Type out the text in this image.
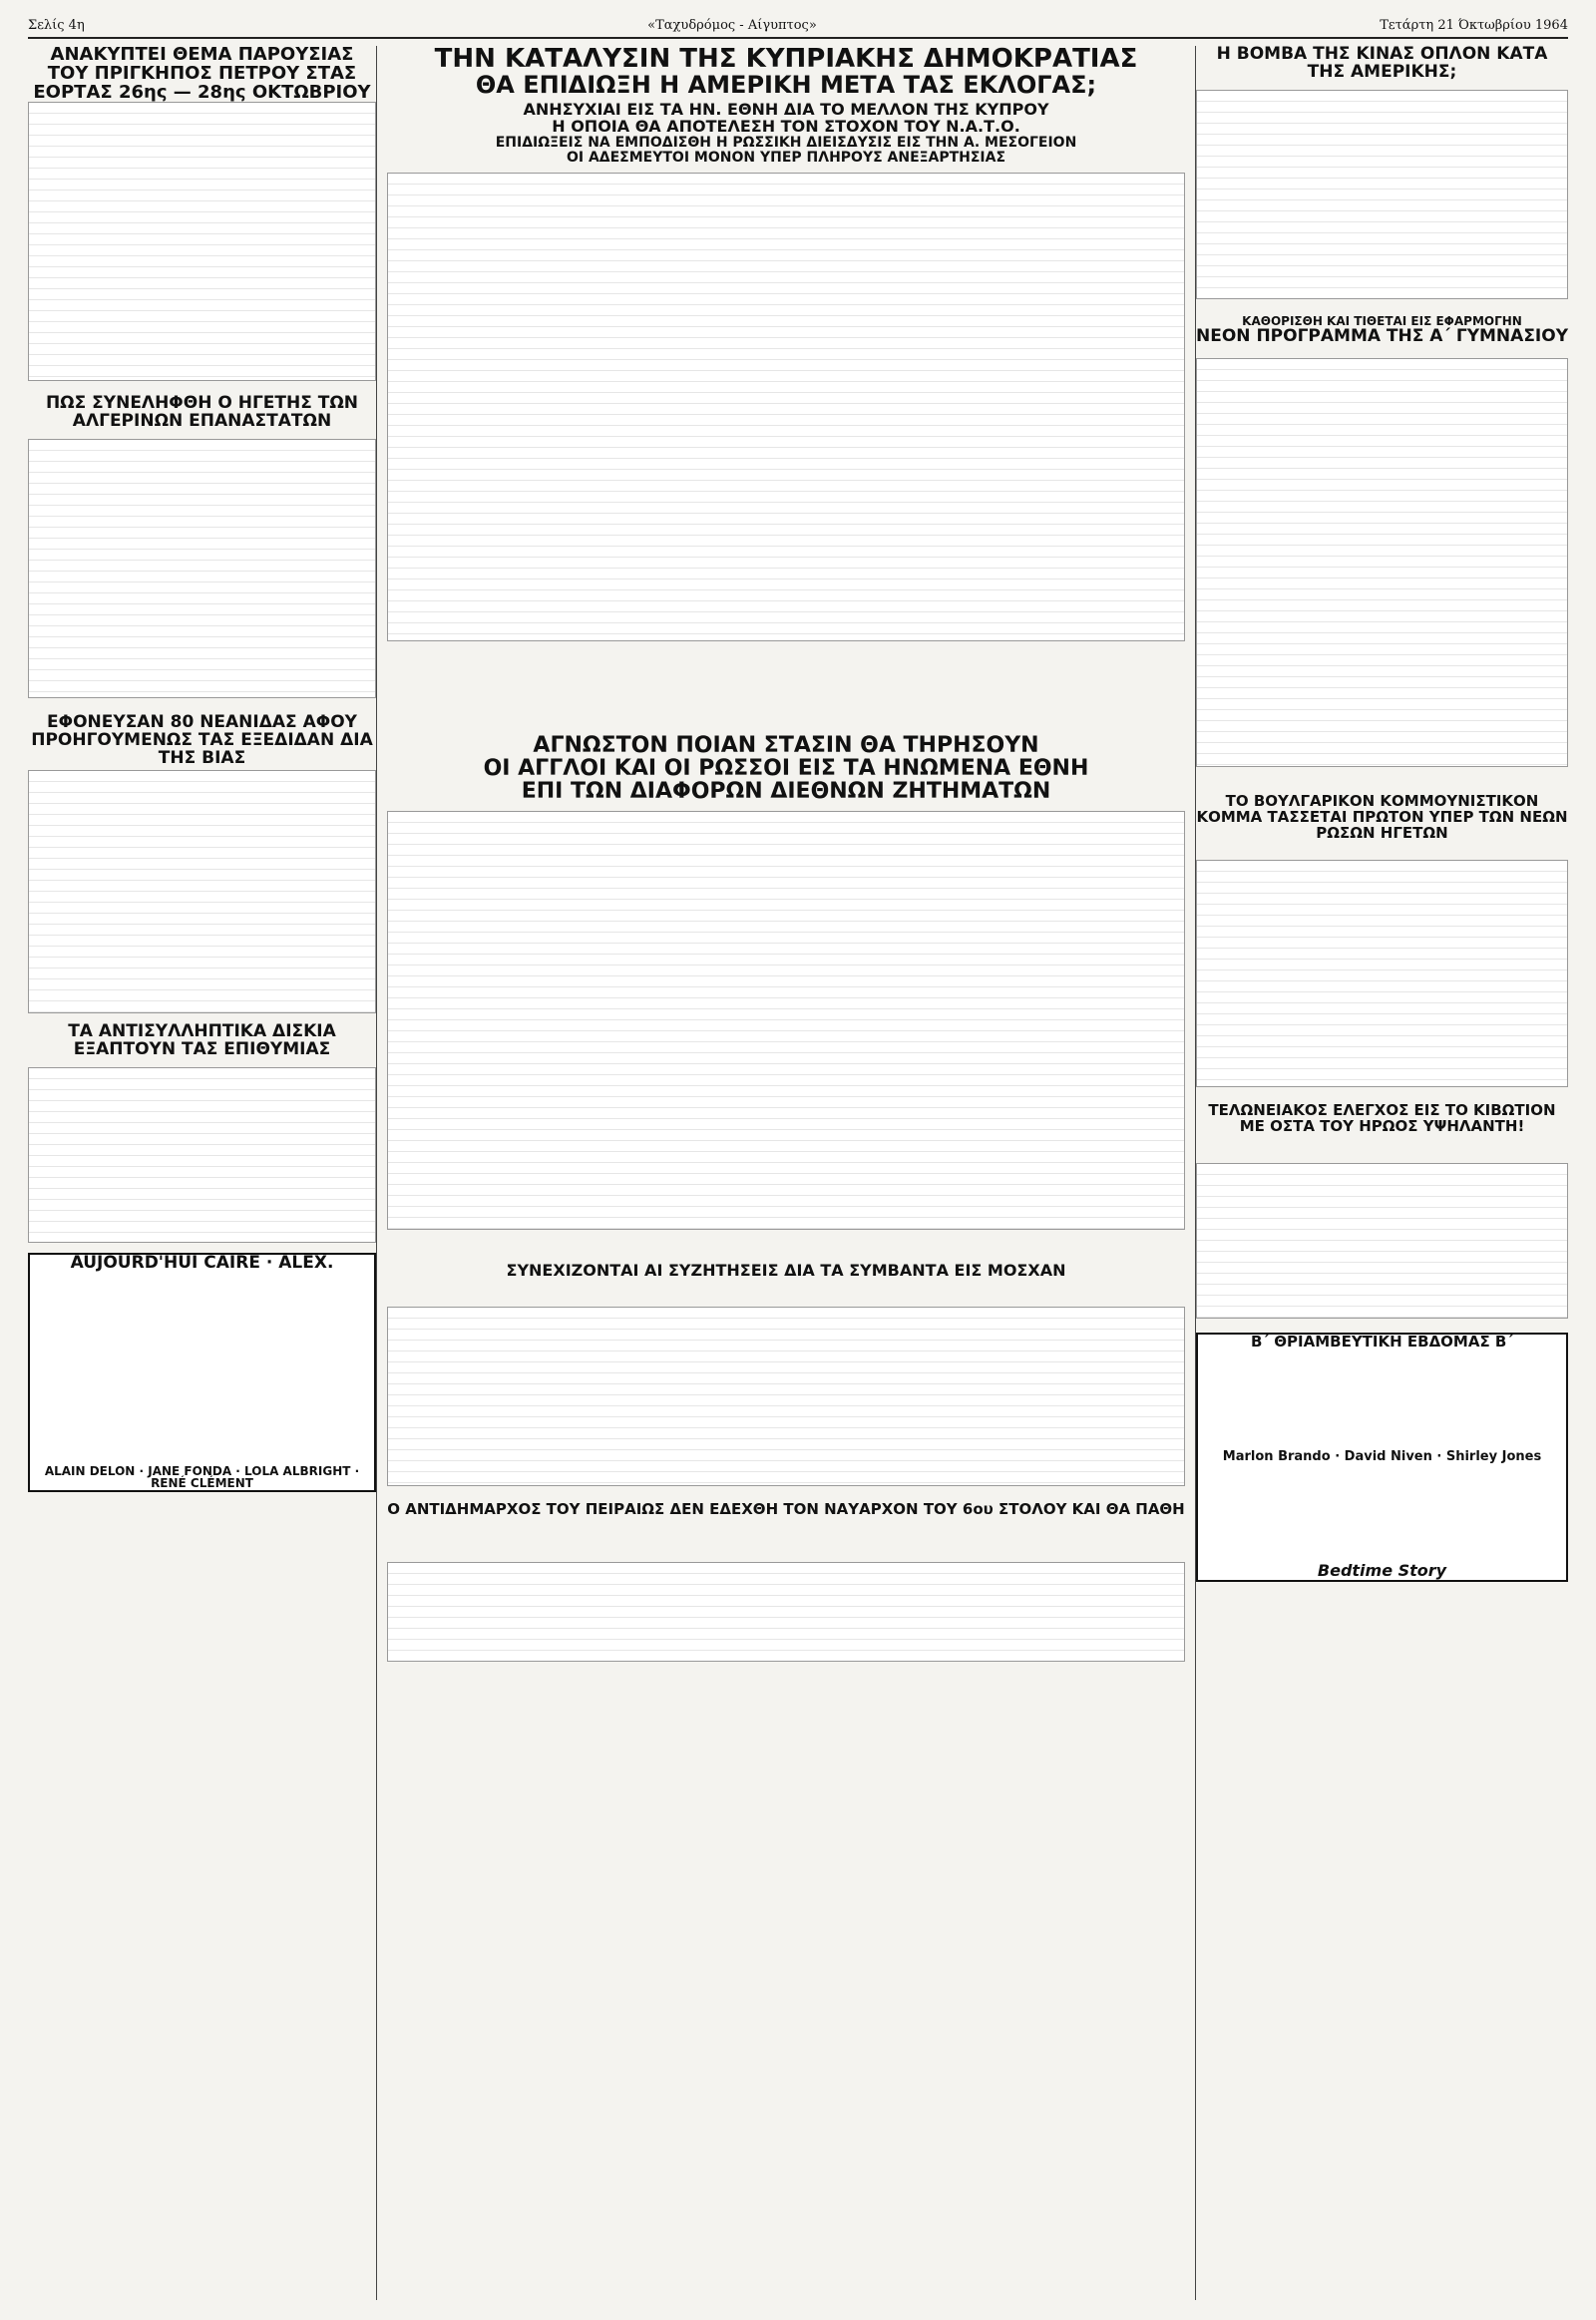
Σελίς 4η	«Ταχυδρόμος - Αίγυπτος»	Τετάρτη 21 Όκτωβρίου 1964
ΑΝΑΚΥΠΤΕΙ ΘΕΜΑ ΠΑΡΟΥΣΙΑΣ ΤΟΥ ΠΡΙΓΚΗΠΟΣ ΠΕΤΡΟΥ ΣΤΑΣ ΕΟΡΤΑΣ 26ης — 28ης ΟΚΤΩΒΡΙΟΥ
ΠΩΣ ΣΥΝΕΛΗΦΘΗ Ο ΗΓΕΤΗΣ ΤΩΝ ΑΛΓΕΡΙΝΩΝ ΕΠΑΝΑΣΤΑΤΩΝ
ΕΦΟΝΕΥΣΑΝ 80 ΝΕΑΝΙΔΑΣ ΑΦΟΥ ΠΡΟΗΓΟΥΜΕΝΩΣ ΤΑΣ ΕΞΕΔΙΔΑΝ ΔΙΑ ΤΗΣ ΒΙΑΣ
ΤΑ ΑΝΤΙΣΥΛΛΗΠΤΙΚΑ ΔΙΣΚΙΑ ΕΞΑΠΤΟΥΝ ΤΑΣ ΕΠΙΘΥΜΙΑΣ
AUJOURD'HUI CAIRE · ALEX.
ALAIN DELON · JANE FONDA · LOLA ALBRIGHT · RENÉ CLÉMENT
ΤΗΝ ΚΑΤΑΛΥΣΙΝ ΤΗΣ ΚΥΠΡΙΑΚΗΣ ΔΗΜΟΚΡΑΤΙΑΣ
ΘΑ ΕΠΙΔΙΩΞΗ Η ΑΜΕΡΙΚΗ ΜΕΤΑ ΤΑΣ ΕΚΛΟΓΑΣ;
ΑΝΗΣΥΧΙΑΙ ΕΙΣ ΤΑ ΗΝ. ΕΘΝΗ ΔΙΑ ΤΟ ΜΕΛΛΟΝ ΤΗΣ ΚΥΠΡΟΥ
Η ΟΠΟΙΑ ΘΑ ΑΠΟΤΕΛΕΣΗ ΤΟΝ ΣΤΟΧΟΝ ΤΟΥ Ν.Α.Τ.Ο.
ΕΠΙΔΙΩΞΕΙΣ ΝΑ ΕΜΠΟΔΙΣΘΗ Η ΡΩΣΣΙΚΗ ΔΙΕΙΣΔΥΣΙΣ ΕΙΣ ΤΗΝ Α. ΜΕΣΟΓΕΙΟΝ
ΟΙ ΑΔΕΣΜΕΥΤΟΙ ΜΟΝΟΝ ΥΠΕΡ ΠΛΗΡΟΥΣ ΑΝΕΞΑΡΤΗΣΙΑΣ
ΑΓΝΩΣΤΟΝ ΠΟΙΑΝ ΣΤΑΣΙΝ ΘΑ ΤΗΡΗΣΟΥΝ
ΟΙ ΑΓΓΛΟΙ ΚΑΙ ΟΙ ΡΩΣΣΟΙ ΕΙΣ ΤΑ ΗΝΩΜΕΝΑ ΕΘΝΗ
ΕΠΙ ΤΩΝ ΔΙΑΦΟΡΩΝ ΔΙΕΘΝΩΝ ΖΗΤΗΜΑΤΩΝ
ΣΥΝΕΧΙΖΟΝΤΑΙ ΑΙ ΣΥΖΗΤΗΣΕΙΣ ΔΙΑ ΤΑ ΣΥΜΒΑΝΤΑ ΕΙΣ ΜΟΣΧΑΝ
Ο ΑΝΤΙΔΗΜΑΡΧΟΣ ΤΟΥ ΠΕΙΡΑΙΩΣ ΔΕΝ ΕΔΕΧΘΗ ΤΟΝ ΝΑΥΑΡΧΟΝ ΤΟΥ 6ου ΣΤΟΛΟΥ ΚΑΙ ΘΑ ΠΑΘΗ
Η ΒΟΜΒΑ ΤΗΣ ΚΙΝΑΣ ΟΠΛΟΝ ΚΑΤΑ ΤΗΣ ΑΜΕΡΙΚΗΣ;
ΚΑΘΟΡΙΣΘΗ ΚΑΙ ΤΙΘΕΤΑΙ ΕΙΣ ΕΦΑΡΜΟΓΗΝ
ΝΕΟΝ ΠΡΟΓΡΑΜΜΑ ΤΗΣ Α΄ ΓΥΜΝΑΣΙΟΥ
ΤΟ ΒΟΥΛΓΑΡΙΚΟΝ ΚΟΜΜΟΥΝΙΣΤΙΚΟΝ ΚΟΜΜΑ ΤΑΣΣΕΤΑΙ ΠΡΩΤΟΝ ΥΠΕΡ ΤΩΝ ΝΕΩΝ ΡΩΣΩΝ ΗΓΕΤΩΝ
ΤΕΛΩΝΕΙΑΚΟΣ ΕΛΕΓΧΟΣ ΕΙΣ ΤΟ ΚΙΒΩΤΙΟΝ ΜΕ ΟΣΤΑ ΤΟΥ ΗΡΩΟΣ ΥΨΗΛΑΝΤΗ!
Β΄ ΘΡΙΑΜΒΕΥΤΙΚΗ ΕΒΔΟΜΑΣ Β΄
Marlon Brando · David Niven · Shirley Jones
Bedtime Story
